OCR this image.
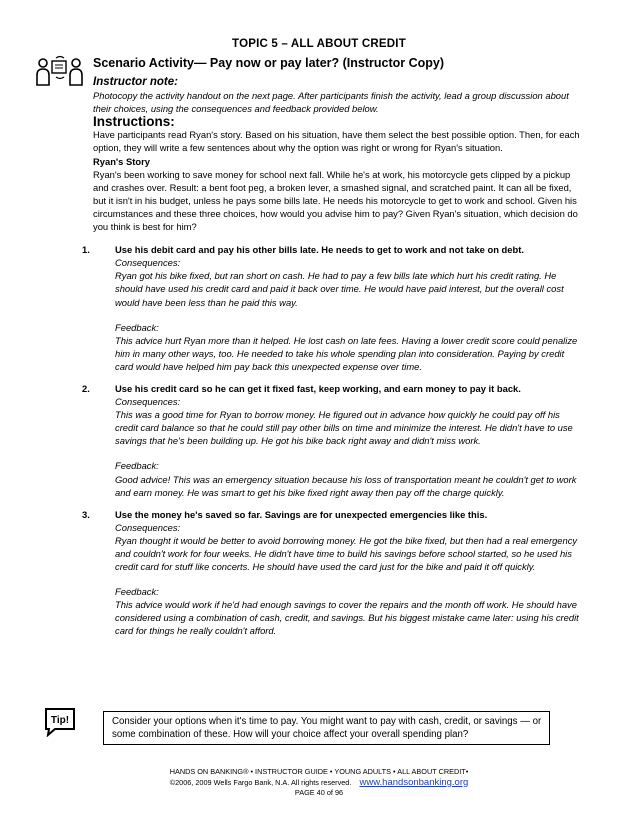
TOPIC 5 – ALL ABOUT CREDIT
Scenario Activity— Pay now or pay later? (Instructor Copy)

Instructor note:

Photocopy the activity handout on the next page. After participants finish the activity, lead a group discussion about their choices, using the consequences and feedback provided below.

Instructions:

Have participants read Ryan's story. Based on his situation, have them select the best possible option. Then, for each option, they will write a few sentences about why the option was right or wrong for Ryan's situation.

Ryan's Story

Ryan's been working to save money for school next fall. While he's at work, his motorcycle gets clipped by a pickup and crashes over. Result: a bent foot peg, a broken lever, a smashed signal, and scratched paint. It can all be fixed, but it isn't in his budget, unless he pays some bills late. He needs his motorcycle to get to work and school. Given his circumstances and these three choices, how would you advise him to pay? Given Ryan's situation, which decision do you think is best for him?

1.	Use his debit card and pay his other bills late. He needs to get to work and not take on debt.

Consequences:

Ryan got his bike fixed, but ran short on cash. He had to pay a few bills late which hurt his credit rating. He should have used his credit card and paid it back over time. He would have paid interest, but the overall cost would have been less than he paid this way.

Feedback:

This advice hurt Ryan more than it helped. He lost cash on late fees. Having a lower credit score could penalize him in many other ways, too. He needed to take his whole spending plan into consideration. Paying by credit card would have helped him pay back this unexpected expense over time.

2.	Use his credit card so he can get it fixed fast, keep working, and earn money to pay it back.

Consequences:

This was a good time for Ryan to borrow money. He figured out in advance how quickly he could pay off his credit card balance so that he could still pay other bills on time and minimize the interest. He didn't have to use savings that he's been building up. He got his bike back right away and didn't miss work.

Feedback:

Good advice! This was an emergency situation because his loss of transportation meant he couldn't get to work and earn money. He was smart to get his bike fixed right away then pay off the charge quickly.

3.	Use the money he's saved so far. Savings are for unexpected emergencies like this.

Consequences:

Ryan thought it would be better to avoid borrowing money. He got the bike fixed, but then had a real emergency and couldn't work for four weeks. He didn't have time to build his savings before school started, so he used his credit card for stuff like concerts. He should have used the card just for the bike and paid it off quickly.

Feedback:

This advice would work if he'd had enough savings to cover the repairs and the month off work. He should have considered using a combination of cash, credit, and savings. But his biggest mistake came later: using his credit card for things he really couldn't afford.

Tip!	Consider your options when it's time to pay. You might want to pay with cash, credit, or savings — or some combination of these. How will your choice affect your overall spending plan?
HANDS ON BANKING® • INSTRUCTOR GUIDE • YOUNG ADULTS • ALL ABOUT CREDIT•
©2006, 2009 Wells Fargo Bank, N.A. All rights reserved. www.handsonbanking.org
PAGE 40 of 96
